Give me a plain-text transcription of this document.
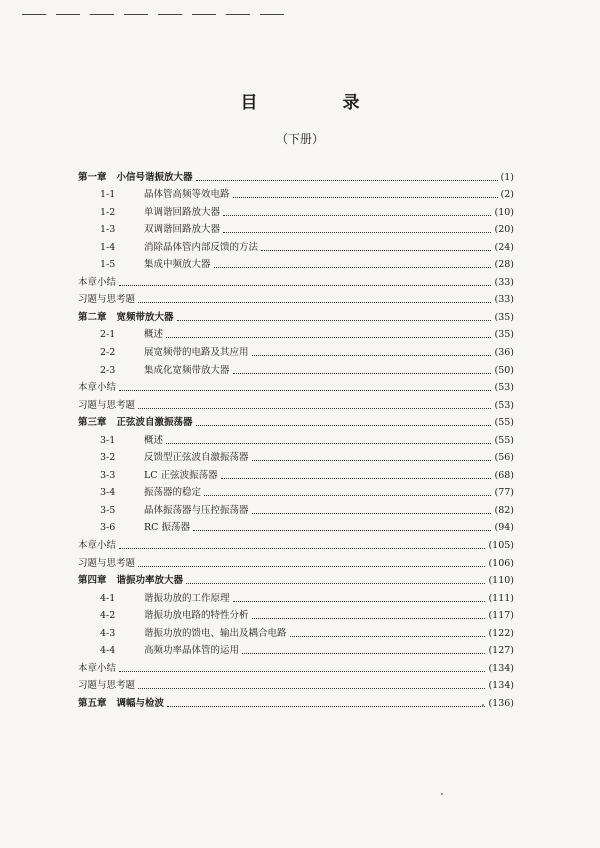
目　录
（下册）
第一章 小信号谐振放大器	(1)
1-1	晶体管高频等效电路	(2)
1-2	单调谐回路放大器	(10)
1-3	双调谐回路放大器	(20)
1-4	消除晶体管内部反馈的方法	(24)
1-5	集成中频放大器	(28)
本章小结	(33)
习题与思考题	(33)
第二章 宽频带放大器	(35)
2-1	概述	(35)
2-2	展宽频带的电路及其应用	(36)
2-3	集成化宽频带放大器	(50)
本章小结	(53)
习题与思考题	(53)
第三章 正弦波自激振荡器	(55)
3-1	概述	(55)
3-2	反馈型正弦波自激振荡器	(56)
3-3	LC 正弦波振荡器	(68)
3-4	振荡器的稳定	(77)
3-5	晶体振荡器与压控振荡器	(82)
3-6	RC 振荡器	(94)
本章小结	(105)
习题与思考题	(106)
第四章 谐振功率放大器	(110)
4-1	谐振功放的工作原理	(111)
4-2	谐振功放电路的特性分析	(117)
4-3	谐振功放的馈电、输出及耦合电路	(122)
4-4	高频功率晶体管的运用	(127)
本章小结	(134)
习题与思考题	(134)
第五章 调幅与检波	(136)
